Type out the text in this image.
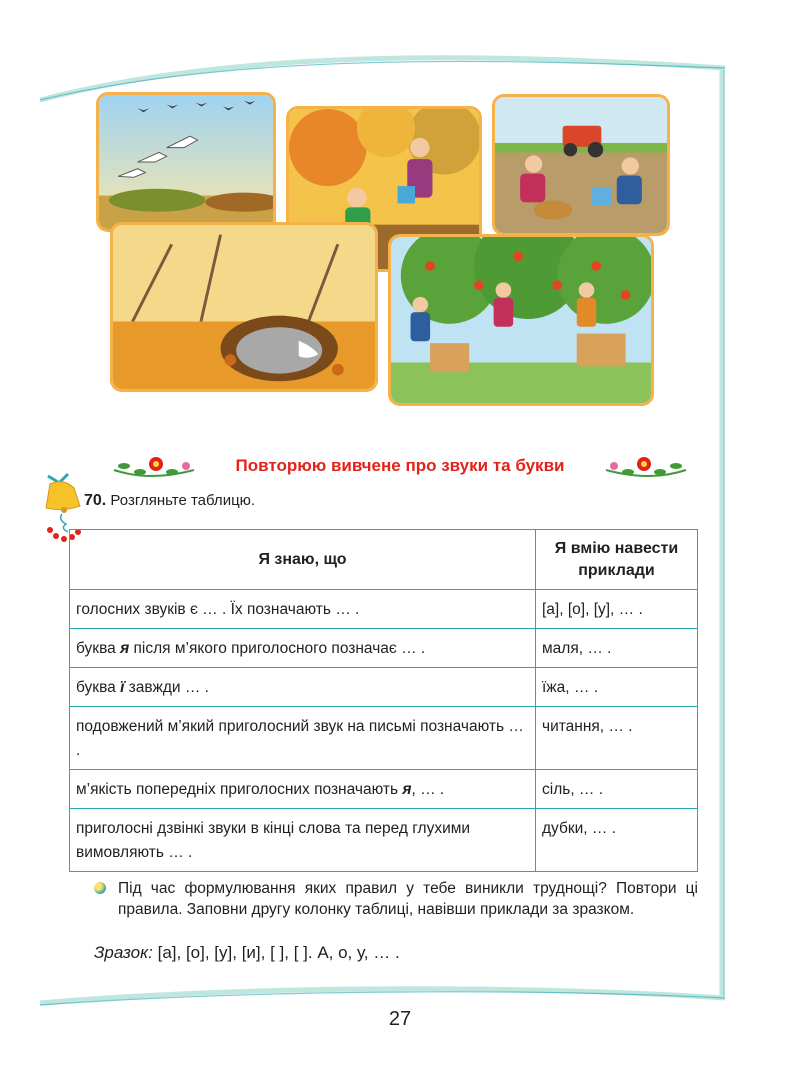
Повторюю вивчене про звуки та букви
70. Розгляньте таблицю.
Я знаю, що	Я вмію навести приклади
голосних звуків є … . Їх позначають … .	[а], [о], [у], … .
буква я після м’якого приголосного позначає … .	маля, … .
буква ї завжди … .	їжа, … .
подовжений м’який приголосний звук на письмі позначають … .	читання, … .
м’якість попередніх приголосних позначають я, … .	сіль, … .
приголосні дзвінкі звуки в кінці слова та перед глухими вимовляють … .	дубки, … .
Під час формулювання яких правил у тебе виникли труднощі? Повтори ці правила. Заповни другу колонку таблиці, навівши приклади за зразком.
Зразок: [а], [о], [у], [и], [ ], [ ]. А, о, у, … .
27
